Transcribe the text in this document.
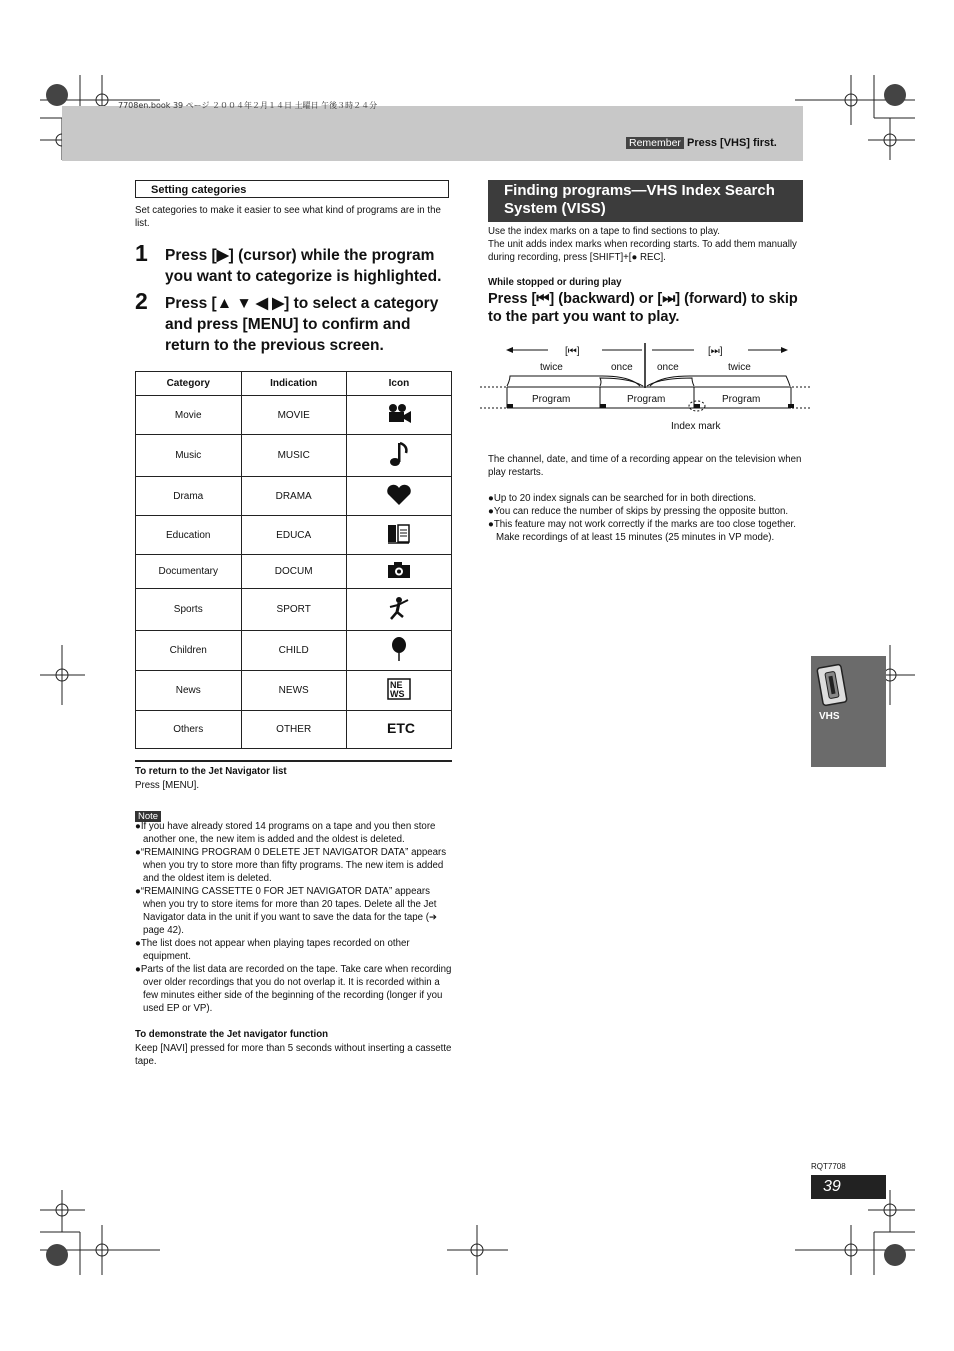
7708en.book 39 ページ ２００４年２月１４日 土曜日 午後３時２４分
Remember Press [VHS] first.
Setting categories
Set categories to make it easier to see what kind of programs are in the list.
1 Press [▶] (cursor) while the program you want to categorize is highlighted.
2 Press [▲ ▼ ◀ ▶] to select a category and press [MENU] to confirm and return to the previous screen.
Category	Indication	Icon
Movie	MOVIE	
Music	MUSIC	
Drama	DRAMA	
Education	EDUCA	
Documentary	DOCUM	
Sports	SPORT	
Children	CHILD	
News	NEWS	NE
WS

Others	OTHER	ETC
To return to the Jet Navigator list
Press [MENU].
Note
●If you have already stored 14 programs on a tape and you then store another one, the new item is added and the oldest is deleted.
●“REMAINING PROGRAM 0 DELETE JET NAVIGATOR DATA” appears when you try to store more than fifty programs. The new item is added and the oldest item is deleted.
●“REMAINING CASSETTE 0 FOR JET NAVIGATOR DATA” appears when you try to store items for more than 20 tapes. Delete all the Jet Navigator data in the unit if you want to save the data for the tape (➔ page 42).
●The list does not appear when playing tapes recorded on other equipment.
●Parts of the list data are recorded on the tape. Take care when recording over older recordings that you do not overlap it. It is recorded within a few minutes either side of the beginning of the recording (longer if you used EP or VP).
To demonstrate the Jet navigator function
Keep [NAVI] pressed for more than 5 seconds without inserting a cassette tape.
Finding programs—VHS Index Search System (VISS)
Use the index marks on a tape to find sections to play.
The unit adds index marks when recording starts. To add them manually during recording, press [SHIFT]+[● REC].
While stopped or during play
Press [⏮] (backward) or [⏭] (forward) to skip to the part you want to play.
[⏮]	[⏭]
twice	once once	twice
Program	Program	Program
Index mark
The channel, date, and time of a recording appear on the television when play restarts.
●Up to 20 index signals can be searched for in both directions.
●You can reduce the number of skips by pressing the opposite button.
●This feature may not work correctly if the marks are too close together. Make recordings of at least 15 minutes (25 minutes in VP mode).
VHS
RQT7708
39
